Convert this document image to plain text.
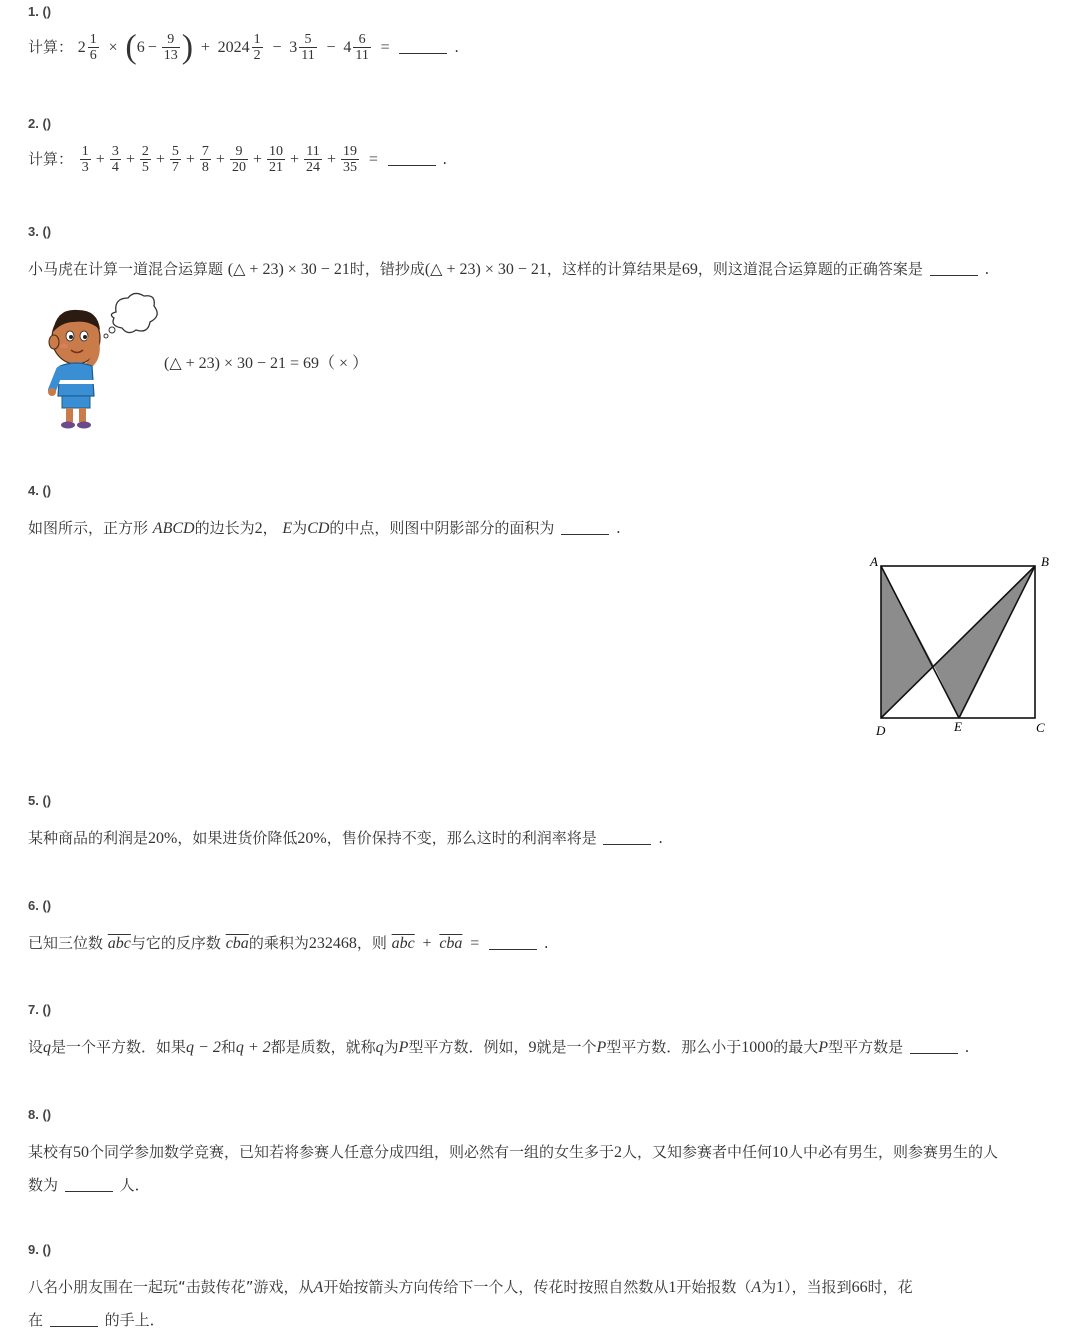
1. ()
计算： $2 \frac{1}{6} \times (6 - \frac{9}{13}$ ) + $2024 \frac{1}{2} - 3 \frac{5}{11} - 4 \frac{6}{11}$ =	.
2. ()
计算： $\frac{1}{3} + \frac{3}{4} + \frac{2}{5} + \frac{5}{7} + \frac{7}{8} + \frac{9}{20} + \frac{10}{21} + \frac{11}{24} + \frac{19}{35}$ =	.
3. ()
小马虎在计算一道混合运算题 (△ + 23) × 30 − 21时，错抄成(△ + 23) × 30 − 21，这样的计算结果是69，则这道混合运算题的正确答案是	.
(△ + 23) × 30 − 21 = 69（ × ）
4. ()
如图所示，正方形 ABCD的边长为2， E为CD的中点，则图中阴影部分的面积为	.
A	B
C
D	E
5. ()
某种商品的利润是20%，如果进货价降低20%，售价保持不变，那么这时的利润率将是	.
6. ()
已知三位数 $\overline{abc}$与它的反序数 $\overline{cba}$的乘积为232468，则 $\overline{abc} + \overline{cba}$ =	.
7. ()
设q是一个平方数．如果q − 2和q + 2都是质数，就称q为P型平方数．例如，9就是一个P型平方数．那么小于1000的最大P型平方数是	.
8. ()
某校有50个同学参加数学竞赛，已知若将参赛人任意分成四组，则必然有一组的女生多于2人，又知参赛者中任何10人中必有男生，则参赛男生的人
数为	人．
9. ()
八名小朋友围在一起玩“击鼓传花”游戏，从A开始按箭头方向传给下一个人，传花时按照自然数从1开始报数（A为1），当报到66时，花
在	的手上．
